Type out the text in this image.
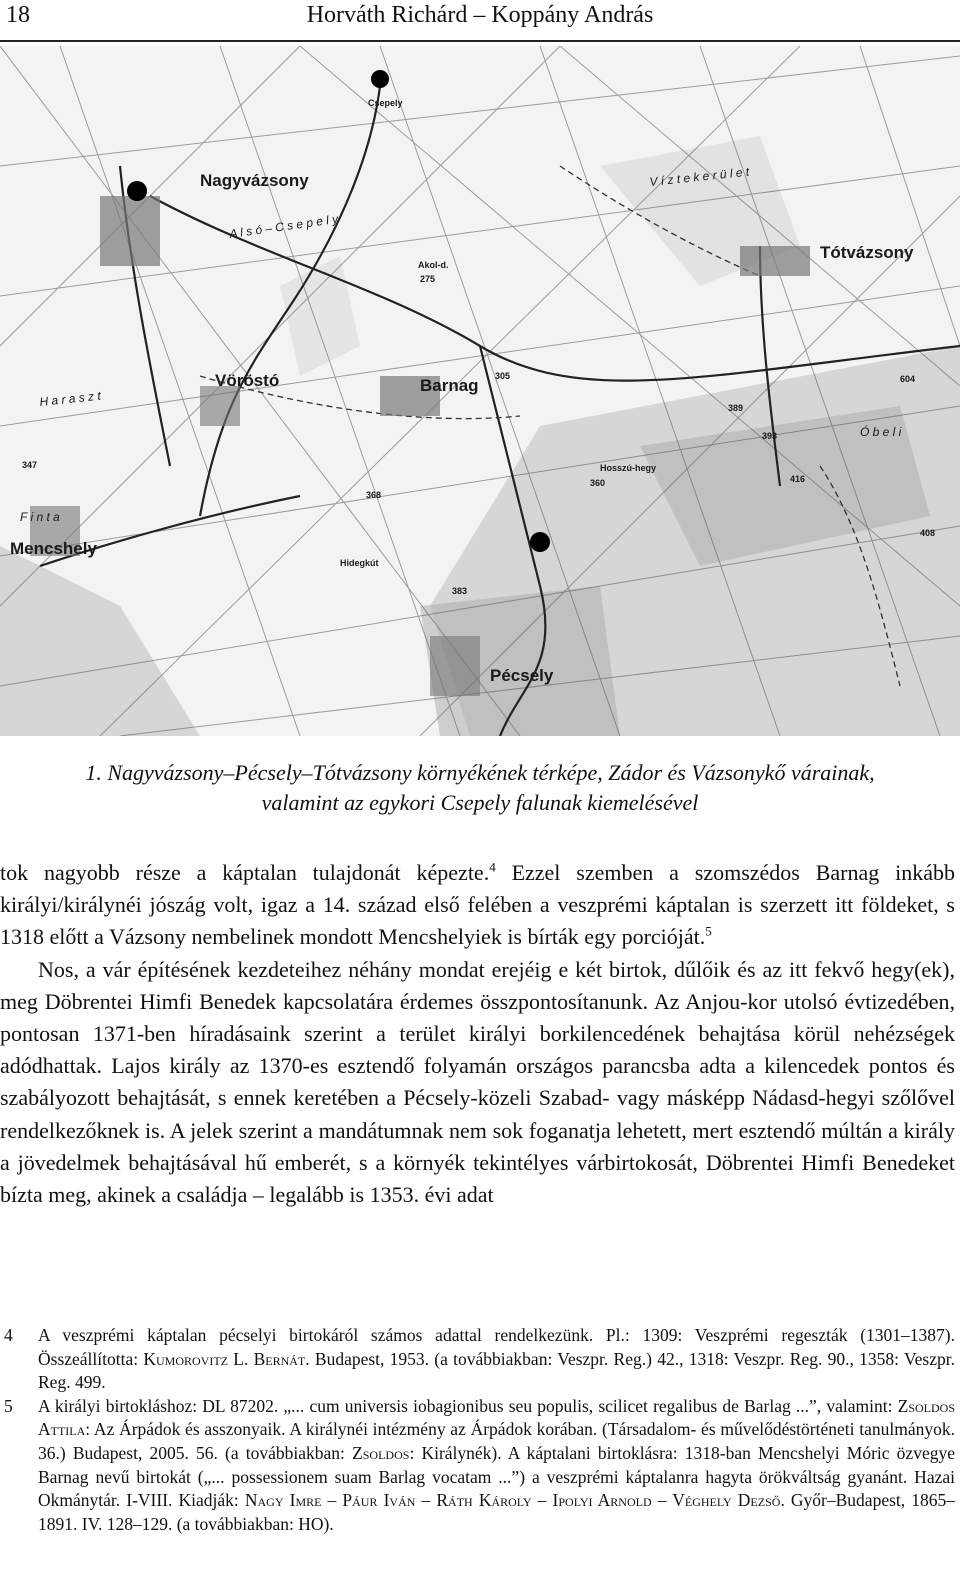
18	Horváth Richárd – Koppány András
Nagyvázsony
Tótvázsony
Vöröstó	Barnag
Mencshely
Pécsely
Csepely
A l s ó – C s e p e l y
V í z t e k e r ü l e t
Ó b e l i
F i n t a
H a r a s z t
Akol-d.
Hosszú-hegy
Hidegkút
275
305
389
393
360
368
416
408
383
347
604
1. Nagyvázsony–Pécsely–Tótvázsony környékének térképe, Zádor és Vázsonykő várainak,
valamint az egykori Csepely falunak kiemelésével

tok nagyobb része a káptalan tulajdonát képezte.$^4$ Ezzel szemben a szomszédos Barnag inkább királyi/királynéi jószág volt, igaz a 14. század első felében a veszprémi káptalan is szerzett itt földeket, s 1318 előtt a Vázsony nembelinek mondott Mencshelyiek is bírták egy porcióját.$^5$

Nos, a vár építésének kezdeteihez néhány mondat erejéig e két birtok, dűlőik és az itt fekvő hegy(ek), meg Döbrentei Himfi Benedek kapcsolatára érdemes összpontosítanunk. Az Anjou-kor utolsó évtizedében, pontosan 1371-ben híradásaink szerint a terület királyi borkilencedének behajtása körül nehézségek adódhattak. Lajos király az 1370-es esztendő folyamán országos parancsba adta a kilencedek pontos és szabályozott behajtását, s ennek keretében a Pécsely-közeli Szabad- vagy másképp Nádasd-hegyi szőlővel rendelkezőknek is. A jelek szerint a mandátumnak nem sok foganatja lehetett, mert esztendő múltán a király a jövedelmek behajtásával hű emberét, s a környék tekintélyes várbirtokosát, Döbrentei Himfi Benedeket bízta meg, akinek a családja – legalább is 1353. évi adat

4 A veszprémi káptalan pécselyi birtokáról számos adattal rendelkezünk. Pl.: 1309: Veszprémi regeszták (1301–1387). Összeállította: Kumorovitz L. Bernát. Budapest, 1953. (a továbbiakban: Veszpr. Reg.) 42., 1318: Veszpr. Reg. 90., 1358: Veszpr. Reg. 499.
5 A királyi birtokláshoz: DL 87202. „... cum universis iobagionibus seu populis, scilicet regalibus de Barlag ...”, valamint: Zsoldos Attila: Az Árpádok és asszonyaik. A királynéi intézmény az Árpádok korában. (Társadalom- és művelődéstörténeti tanulmányok. 36.) Budapest, 2005. 56. (a továbbiakban: Zsoldos: Királynék). A káptalani birtoklásra: 1318-ban Mencshelyi Móric özvegye Barnag nevű birtokát („... possessionem suam Barlag vocatam ...”) a veszprémi káptalanra hagyta örökváltság gyanánt. Hazai Okmánytár. I-VIII. Kiadják: Nagy Imre – Páur Iván – Ráth Károly – Ipolyi Arnold – Véghely Dezső. Győr–Budapest, 1865–1891. IV. 128–129. (a továbbiakban: HO).
